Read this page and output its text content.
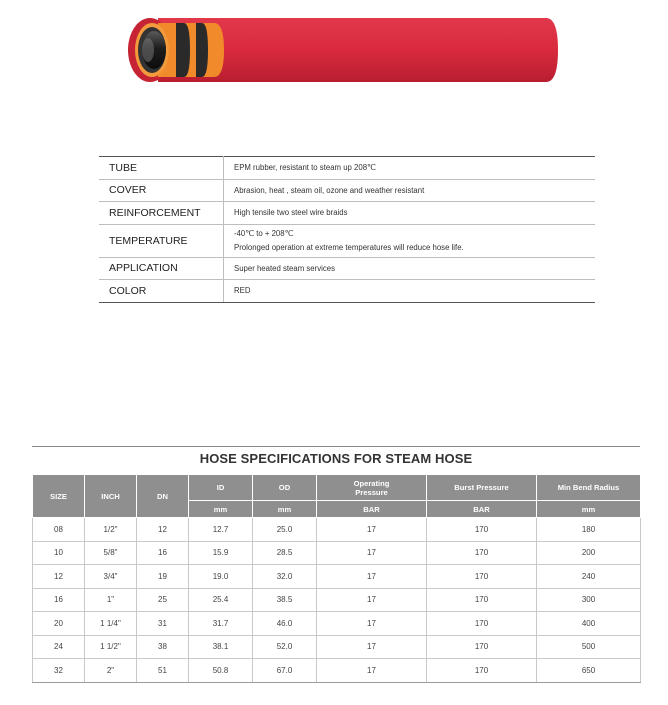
TUBE	EPM rubber, resistant to steam up 208℃
COVER	Abrasion, heat , steam oil, ozone and weather resistant
REINFORCEMENT	High tensile two steel wire braids
TEMPERATURE	-40℃ to + 208℃
Prolonged operation at extreme temperatures will reduce hose life.

APPLICATION	Super heated steam services
COLOR	RED
HOSE SPECIFICATIONS FOR STEAM HOSE
SIZE	INCH	DN	ID	OD	Operating Pressure	Burst Pressure	Min Bend Radius
			mm	mm	BAR	BAR	mm
08	1/2"	12	12.7	25.0	17	170	180
10	5/8"	16	15.9	28.5	17	170	200
12	3/4"	19	19.0	32.0	17	170	240
16	1"	25	25.4	38.5	17	170	300
20	1 1/4"	31	31.7	46.0	17	170	400
24	1 1/2"	38	38.1	52.0	17	170	500
32	2"	51	50.8	67.0	17	170	650
